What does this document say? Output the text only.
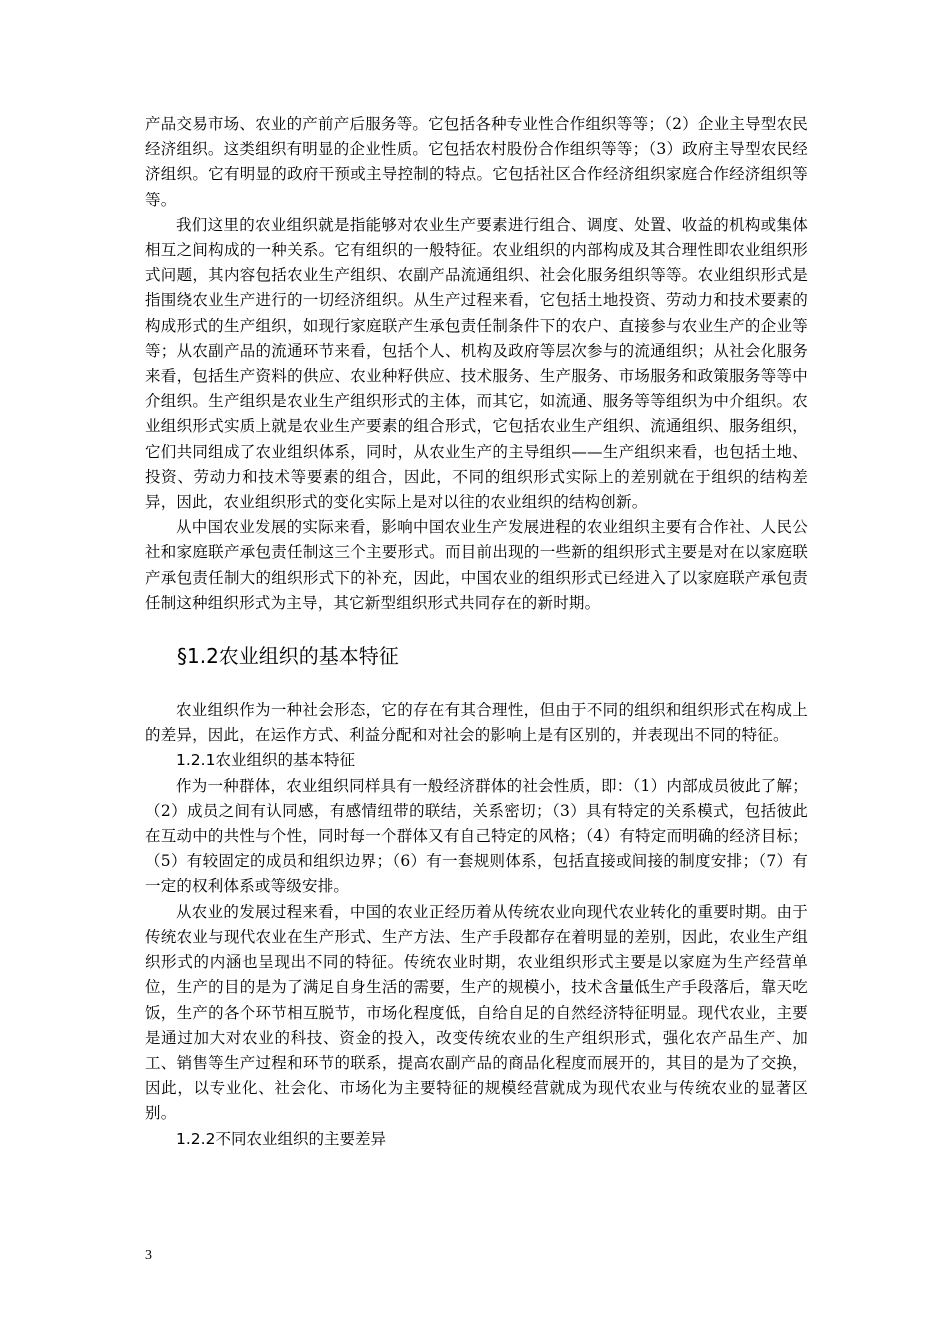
产品交易市场、农业的产前产后服务等。它包括各种专业性合作组织等等；（2）企业主导型农民经济组织。这类组织有明显的企业性质。它包括农村股份合作组织等等；（3）政府主导型农民经济组织。它有明显的政府干预或主导控制的特点。它包括社区合作经济组织家庭合作经济组织等等。

我们这里的农业组织就是指能够对农业生产要素进行组合、调度、处置、收益的机构或集体相互之间构成的一种关系。它有组织的一般特征。农业组织的内部构成及其合理性即农业组织形式问题，其内容包括农业生产组织、农副产品流通组织、社会化服务组织等等。农业组织形式是指围绕农业生产进行的一切经济组织。从生产过程来看，它包括土地投资、劳动力和技术要素的构成形式的生产组织，如现行家庭联产生承包责任制条件下的农户、直接参与农业生产的企业等等；从农副产品的流通环节来看，包括个人、机构及政府等层次参与的流通组织；从社会化服务来看，包括生产资料的供应、农业种籽供应、技术服务、生产服务、市场服务和政策服务等等中介组织。生产组织是农业生产组织形式的主体，而其它，如流通、服务等等组织为中介组织。农业组织形式实质上就是农业生产要素的组合形式，它包括农业生产组织、流通组织、服务组织，它们共同组成了农业组织体系，同时，从农业生产的主导组织——生产组织来看，也包括土地、投资、劳动力和技术等要素的组合，因此，不同的组织形式实际上的差别就在于组织的结构差异，因此，农业组织形式的变化实际上是对以往的农业组织的结构创新。

从中国农业发展的实际来看，影响中国农业生产发展进程的农业组织主要有合作社、人民公社和家庭联产承包责任制这三个主要形式。而目前出现的一些新的组织形式主要是对在以家庭联产承包责任制大的组织形式下的补充，因此，中国农业的组织形式已经进入了以家庭联产承包责任制这种组织形式为主导，其它新型组织形式共同存在的新时期。

§1.2农业组织的基本特征

农业组织作为一种社会形态，它的存在有其合理性，但由于不同的组织和组织形式在构成上的差异，因此，在运作方式、利益分配和对社会的影响上是有区别的，并表现出不同的特征。

1.2.1农业组织的基本特征

作为一种群体，农业组织同样具有一般经济群体的社会性质，即：（1）内部成员彼此了解；（2）成员之间有认同感，有感情纽带的联结，关系密切；（3）具有特定的关系模式，包括彼此在互动中的共性与个性，同时每一个群体又有自己特定的风格；（4）有特定而明确的经济目标；（5）有较固定的成员和组织边界；（6）有一套规则体系，包括直接或间接的制度安排；（7）有一定的权利体系或等级安排。

从农业的发展过程来看，中国的农业正经历着从传统农业向现代农业转化的重要时期。由于传统农业与现代农业在生产形式、生产方法、生产手段都存在着明显的差别，因此，农业生产组织形式的内涵也呈现出不同的特征。传统农业时期，农业组织形式主要是以家庭为生产经营单位，生产的目的是为了满足自身生活的需要，生产的规模小，技术含量低生产手段落后，靠天吃饭，生产的各个环节相互脱节，市场化程度低，自给自足的自然经济特征明显。现代农业，主要是通过加大对农业的科技、资金的投入，改变传统农业的生产组织形式，强化农产品生产、加工、销售等生产过程和环节的联系，提高农副产品的商品化程度而展开的，其目的是为了交换，因此，以专业化、社会化、市场化为主要特征的规模经营就成为现代农业与传统农业的显著区别。

1.2.2不同农业组织的主要差异
3
